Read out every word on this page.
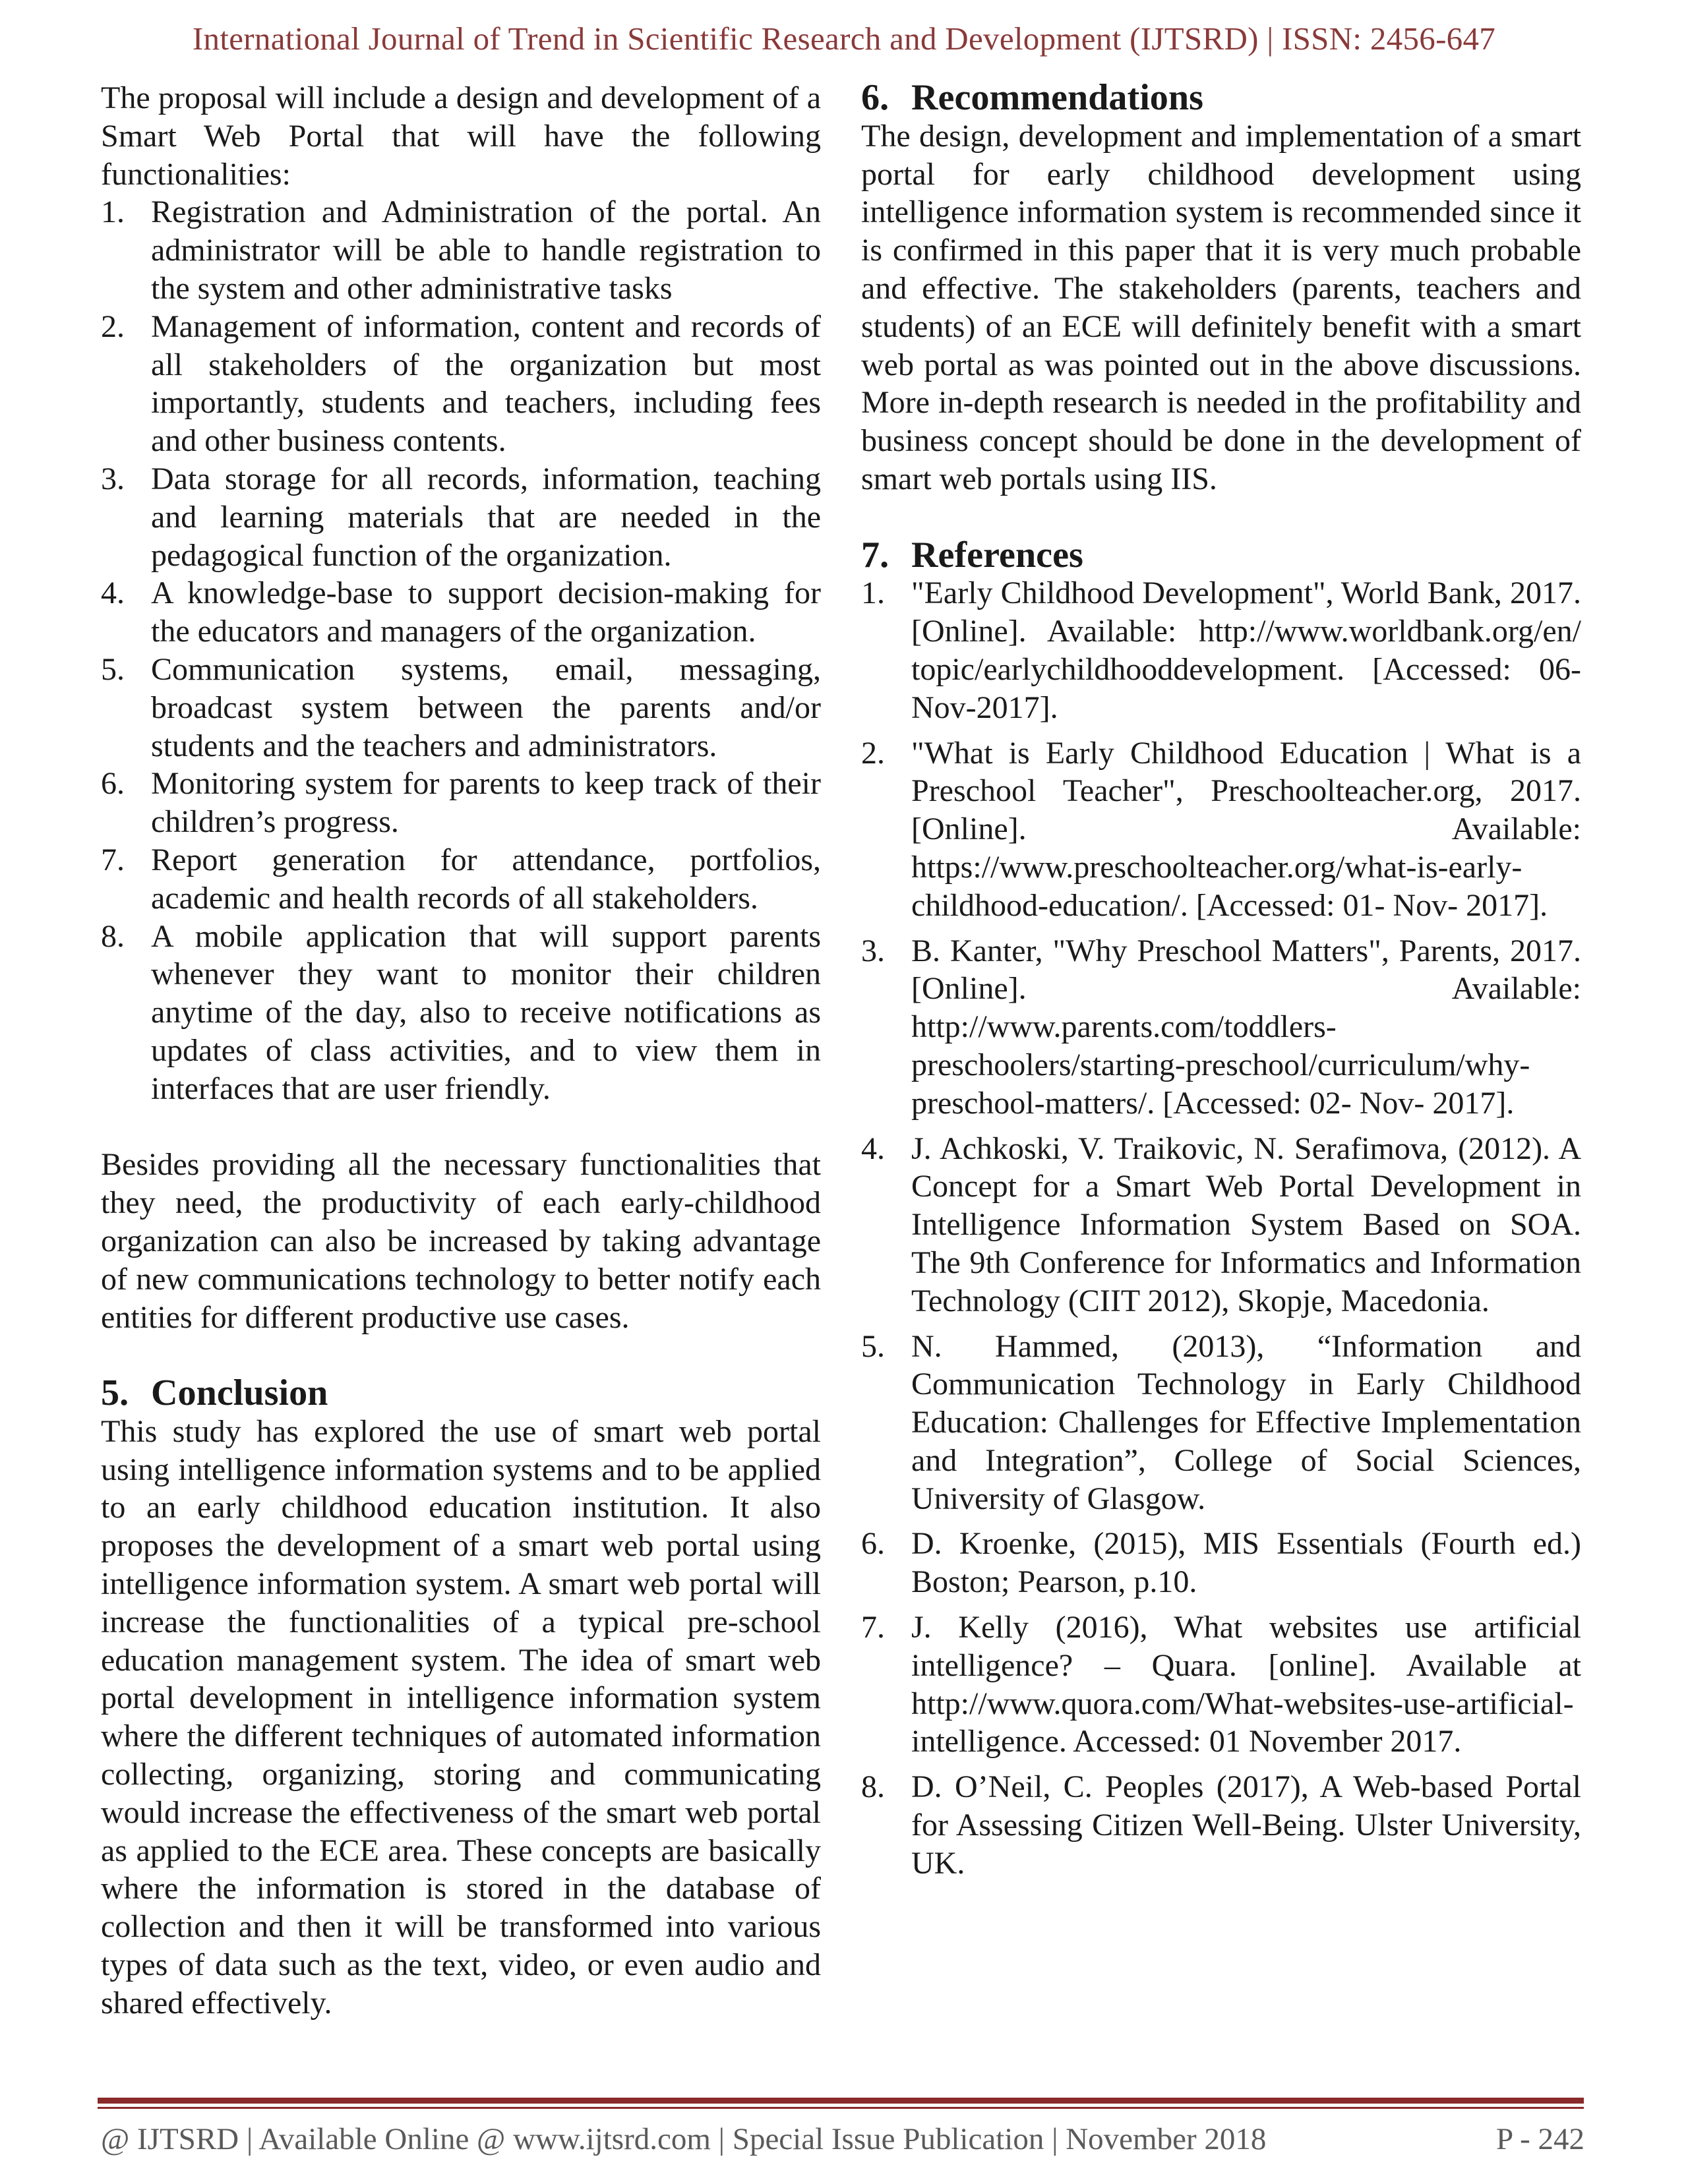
International Journal of Trend in Scientific Research and Development (IJTSRD) | ISSN: 2456-647

The proposal will include a design and development of a Smart Web Portal that will have the following functionalities:

1. Registration and Administration of the portal. An administrator will be able to handle registration to the system and other administrative tasks
2. Management of information, content and records of all stakeholders of the organization but most importantly, students and teachers, including fees and other business contents.
3. Data storage for all records, information, teaching and learning materials that are needed in the pedagogical function of the organization.
4. A knowledge-base to support decision-making for the educators and managers of the organization.
5. Communication systems, email, messaging, broadcast system between the parents and/or students and the teachers and administrators.
6. Monitoring system for parents to keep track of their children’s progress.
7. Report generation for attendance, portfolios, academic and health records of all stakeholders.
8. A mobile application that will support parents whenever they want to monitor their children anytime of the day, also to receive notifications as updates of class activities, and to view them in interfaces that are user friendly.

Besides providing all the necessary functionalities that they need, the productivity of each early-childhood organization can also be increased by taking advantage of new communications technology to better notify each entities for different productive use cases.

5. Conclusion

This study has explored the use of smart web portal using intelligence information systems and to be applied to an early childhood education institution. It also proposes the development of a smart web portal using intelligence information system. A smart web portal will increase the functionalities of a typical pre-school education management system. The idea of smart web portal development in intelligence information system where the different techniques of automated information collecting, organizing, storing and communicating would increase the effectiveness of the smart web portal as applied to the ECE area. These concepts are basically where the information is stored in the database of collection and then it will be transformed into various types of data such as the text, video, or even audio and shared effectively.

6. Recommendations

The design, development and implementation of a smart portal for early childhood development using intelligence information system is recommended since it is confirmed in this paper that it is very much probable and effective. The stakeholders (parents, teachers and students) of an ECE will definitely benefit with a smart web portal as was pointed out in the above discussions. More in-depth research is needed in the profitability and business concept should be done in the development of smart web portals using IIS.

7. References
1. "Early Childhood Development", World Bank, 2017. [Online]. Available: http://www.worldbank.org/en/ topic/earlychildhooddevelopment. [Accessed: 06-Nov-2017].
2. "What is Early Childhood Education | What is a Preschool Teacher", Preschoolteacher.org, 2017. [Online]. Available: https://www.preschoolteacher.org/what-is-early-childhood-education/. [Accessed: 01- Nov- 2017].
3. B. Kanter, "Why Preschool Matters", Parents, 2017. [Online]. Available: http://www.parents.com/toddlers-preschoolers/starting-preschool/curriculum/why-preschool-matters/. [Accessed: 02- Nov- 2017].
4. J. Achkoski, V. Traikovic, N. Serafimova, (2012). A Concept for a Smart Web Portal Development in Intelligence Information System Based on SOA. The 9th Conference for Informatics and Information Technology (CIIT 2012), Skopje, Macedonia.
5. N. Hammed, (2013), “Information and Communication Technology in Early Childhood Education: Challenges for Effective Implementation and Integration”, College of Social Sciences, University of Glasgow.
6. D. Kroenke, (2015), MIS Essentials (Fourth ed.) Boston; Pearson, p.10.
7. J. Kelly (2016), What websites use artificial intelligence? – Quara. [online]. Available at http://www.quora.com/What-websites-use-artificial- intelligence. Accessed: 01 November 2017.
8. D. O’Neil, C. Peoples (2017), A Web-based Portal for Assessing Citizen Well-Being. Ulster University, UK.
@ IJTSRD | Available Online @ www.ijtsrd.com | Special Issue Publication | November 2018	P - 242
